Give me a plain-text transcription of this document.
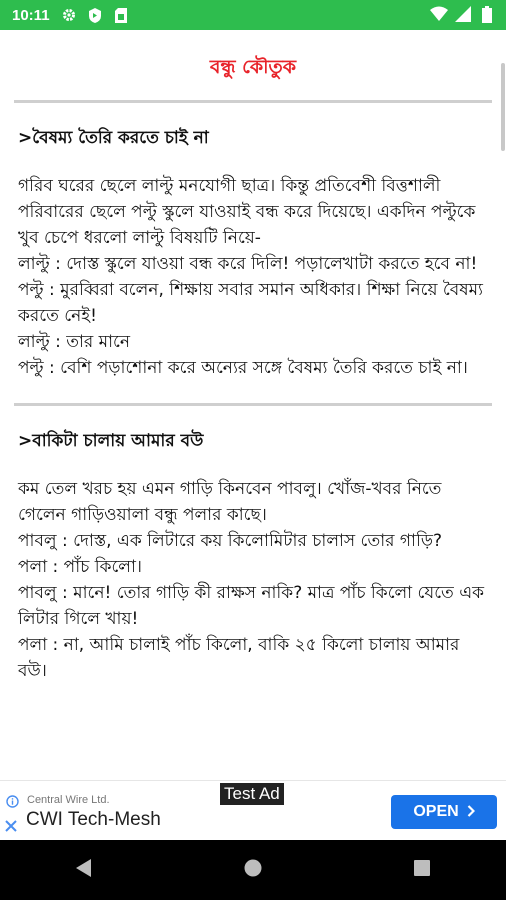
10:11
বন্ধু কৌতুক
>বৈষম্য তৈরি করতে চাই না

গরিব ঘরের ছেলে লাল্টু মনযোগী ছাত্র। কিন্তু প্রতিবেশী বিত্তশালী পরিবারের ছেলে পল্টু স্কুলে যাওয়াই বন্ধ করে দিয়েছে। একদিন পল্টুকে খুব চেপে ধরলো লাল্টু বিষয়টি নিয়ে-

লাল্টু : দোস্ত স্কুলে যাওয়া বন্ধ করে দিলি! পড়ালেখাটা করতে হবে না!

পল্টু : মুরব্বিরা বলেন, শিক্ষায় সবার সমান অধিকার। শিক্ষা নিয়ে বৈষম্য করতে নেই!

লাল্টু : তার মানে

পল্টু : বেশি পড়াশোনা করে অন্যের সঙ্গে বৈষম্য তৈরি করতে চাই না।

>বাকিটা চালায় আমার বউ

কম তেল খরচ হয় এমন গাড়ি কিনবেন পাবলু। খোঁজ-খবর নিতে গেলেন গাড়িওয়ালা বন্ধু পলার কাছে।

পাবলু : দোস্ত, এক লিটারে কয় কিলোমিটার চালাস তোর গাড়ি?

পলা : পাঁচ কিলো।

পাবলু : মানে! তোর গাড়ি কী রাক্ষস নাকি? মাত্র পাঁচ কিলো যেতে এক লিটার গিলে খায়!

পলা : না, আমি চালাই পাঁচ কিলো, বাকি ২৫ কিলো চালায় আমার বউ।

Test Ad
Central Wire Ltd.
CWI Tech-Mesh	OPEN
